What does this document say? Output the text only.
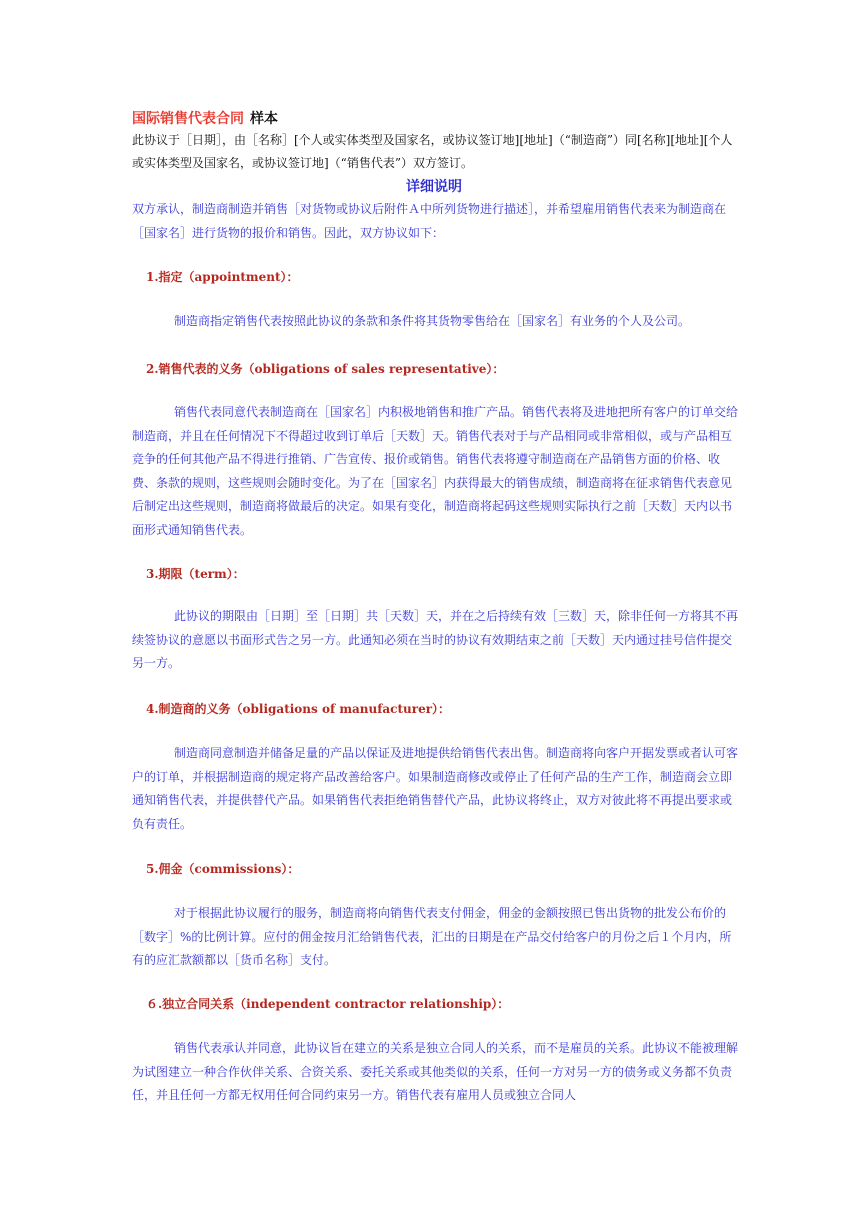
国际销售代表合同 样本

此协议于［日期］，由［名称］[个人或实体类型及国家名，或协议签订地][地址]（“制造商”）同[名称][地址][个人或实体类型及国家名，或协议签订地]（“销售代表”）双方签订。

详细说明

双方承认，制造商制造并销售［对货物或协议后附件Ａ中所列货物进行描述］，并希望雇用销售代表来为制造商在［国家名］进行货物的报价和销售。因此，双方协议如下：

1.指定（appointment）：

制造商指定销售代表按照此协议的条款和条件将其货物零售给在［国家名］有业务的个人及公司。

2.销售代表的义务（obligations of sales representative）：

销售代表同意代表制造商在［国家名］内积极地销售和推广产品。销售代表将及进地把所有客户的订单交给制造商，并且在任何情况下不得超过收到订单后［天数］天。销售代表对于与产品相同或非常相似，或与产品相互竞争的任何其他产品不得进行推销、广告宣传、报价或销售。销售代表将遵守制造商在产品销售方面的价格、收费、条款的规则，这些规则会随时变化。为了在［国家名］内获得最大的销售成绩，制造商将在征求销售代表意见后制定出这些规则，制造商将做最后的决定。如果有变化，制造商将起码这些规则实际执行之前［天数］天内以书面形式通知销售代表。

3.期限（term）：

此协议的期限由［日期］至［日期］共［天数］天，并在之后持续有效［三数］天，除非任何一方将其不再续签协议的意愿以书面形式告之另一方。此通知必须在当时的协议有效期结束之前［天数］天内通过挂号信件提交另一方。

4.制造商的义务（obligations of manufacturer）：

制造商同意制造并储备足量的产品以保证及进地提供给销售代表出售。制造商将向客户开据发票或者认可客户的订单，并根据制造商的规定将产品改善给客户。如果制造商修改或停止了任何产品的生产工作，制造商会立即通知销售代表，并提供替代产品。如果销售代表拒绝销售替代产品，此协议将终止，双方对彼此将不再提出要求或负有责任。

5.佣金（commissions）：

对于根据此协议履行的服务，制造商将向销售代表支付佣金，佣金的金额按照已售出货物的批发公布价的［数字］%的比例计算。应付的佣金按月汇给销售代表，汇出的日期是在产品交付给客户的月份之后１个月内，所有的应汇款额都以［货币名称］支付。

６.独立合同关系（independent contractor relationship）：

销售代表承认并同意，此协议旨在建立的关系是独立合同人的关系，而不是雇员的关系。此协议不能被理解为试图建立一种合作伙伴关系、合资关系、委托关系或其他类似的关系，任何一方对另一方的债务或义务都不负责任，并且任何一方都无权用任何合同约束另一方。销售代表有雇用人员或独立合同人
